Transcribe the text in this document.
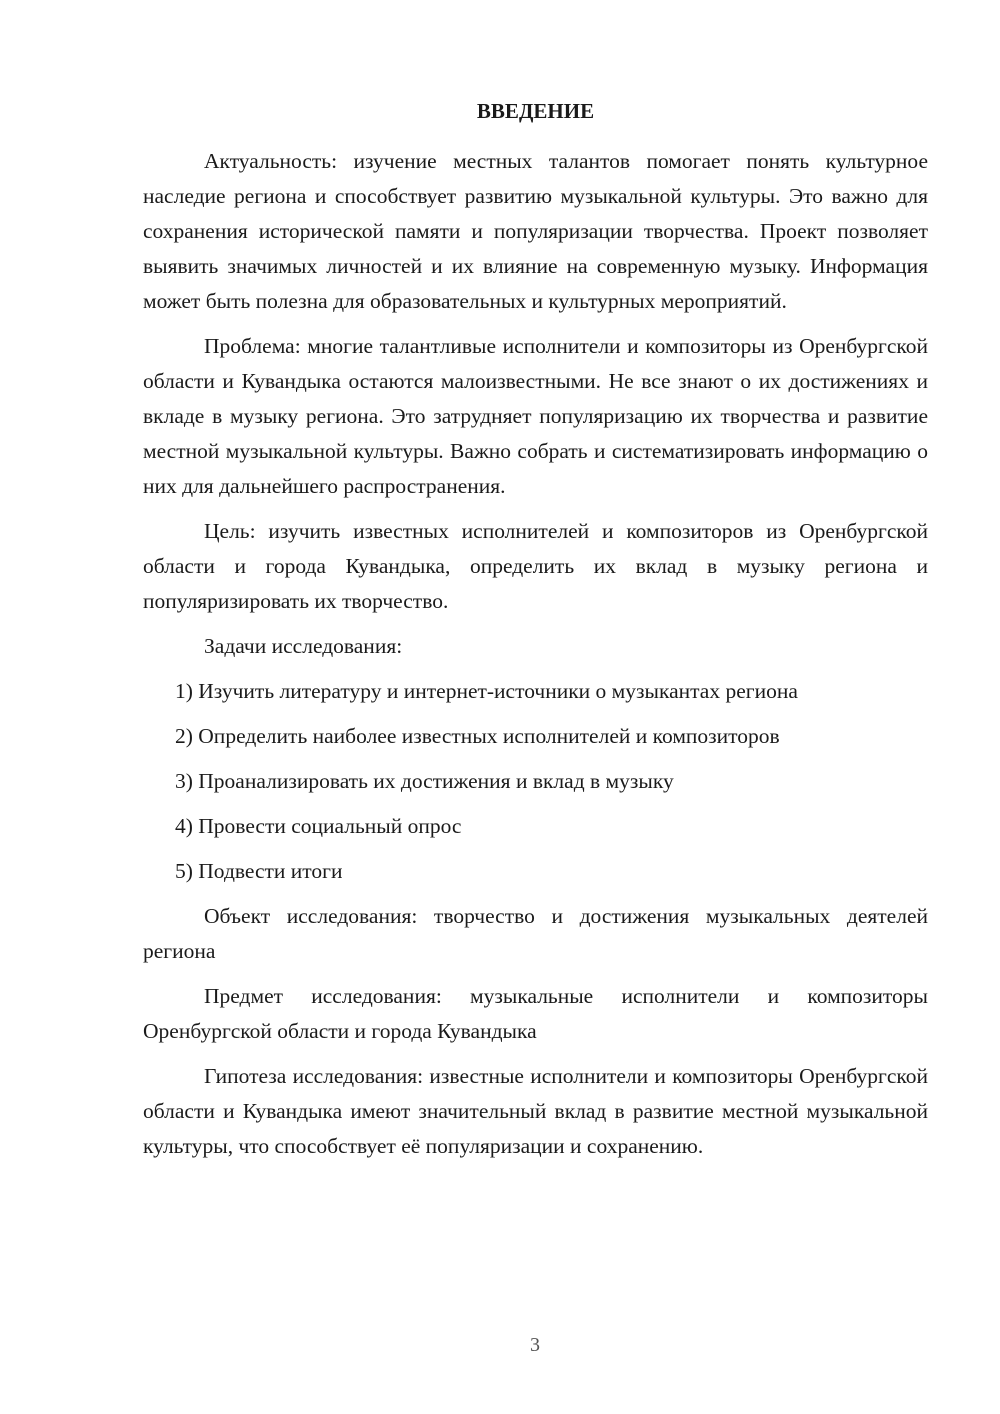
ВВЕДЕНИЕ

Актуальность: изучение местных талантов помогает понять культурное наследие региона и способствует развитию музыкальной культуры. Это важно для сохранения исторической памяти и популяризации творчества. Проект позволяет выявить значимых личностей и их влияние на современную музыку. Информация может быть полезна для образовательных и культурных мероприятий.

Проблема: многие талантливые исполнители и композиторы из Оренбургской области и Кувандыка остаются малоизвестными. Не все знают о их достижениях и вкладе в музыку региона. Это затрудняет популяризацию их творчества и развитие местной музыкальной культуры. Важно собрать и систематизировать информацию о них для дальнейшего распространения.

Цель: изучить известных исполнителей и композиторов из Оренбургской области и города Кувандыка, определить их вклад в музыку региона и популяризировать их творчество.

Задачи исследования:

1) Изучить литературу и интернет-источники о музыкантах региона
2) Определить наиболее известных исполнителей и композиторов
3) Проанализировать их достижения и вклад в музыку
4) Провести социальный опрос
5) Подвести итоги

Объект исследования: творчество и достижения музыкальных деятелей региона

Предмет исследования: музыкальные исполнители и композиторы Оренбургской области и города Кувандыка

Гипотеза исследования: известные исполнители и композиторы Оренбургской области и Кувандыка имеют значительный вклад в развитие местной музыкальной культуры, что способствует её популяризации и сохранению.

3
